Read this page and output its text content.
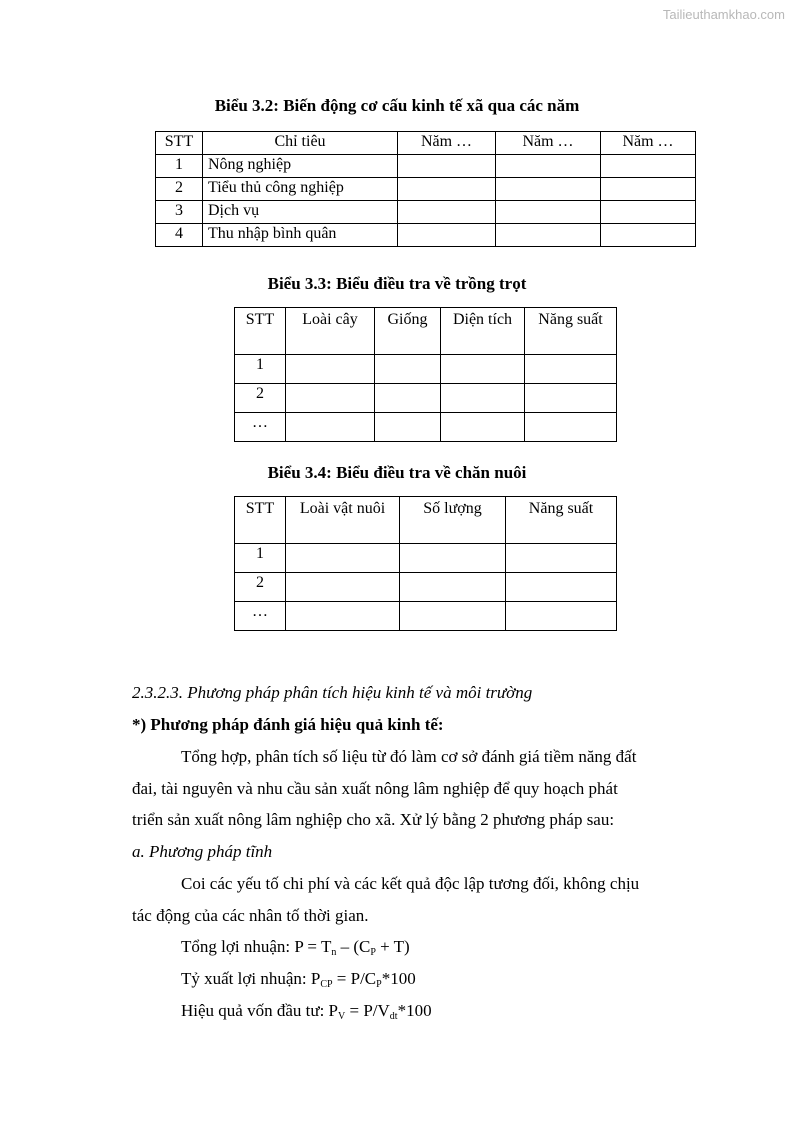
Tailieuthamkhao.com
Biểu 3.2: Biến động cơ cấu kinh tế xã qua các năm
STT	Chỉ tiêu	Năm …	Năm …	Năm …
1	Nông nghiệp			
2	Tiểu thủ công nghiệp			
3	Dịch vụ			
4	Thu nhập bình quân			
Biểu 3.3: Biểu điều tra về trồng trọt
STT	Loài cây	Giống	Diện tích	Năng suất
1				
2				
…				
Biểu 3.4: Biểu điều tra về chăn nuôi
STT	Loài vật nuôi	Số lượng	Năng suất
1			
2			
…			
2.3.2.3. Phương pháp phân tích hiệu kinh tế và môi trường
*) Phương pháp đánh giá hiệu quả kinh tế:
Tổng hợp, phân tích số liệu từ đó làm cơ sở đánh giá tiềm năng đất
đai, tài nguyên và nhu cầu sản xuất nông lâm nghiệp để quy hoạch phát
triển sản xuất nông lâm nghiệp cho xã. Xử lý bằng 2 phương pháp sau:
a. Phương pháp tĩnh
Coi các yếu tố chi phí và các kết quả độc lập tương đối, không chịu
tác động của các nhân tố thời gian.
Tổng lợi nhuận: $P = T_n - (C_P + T)$
Tỷ xuất lợi nhuận: $P_{CP} = P/C_P*100$
Hiệu quả vốn đầu tư: $P_V = P/V_{dt}*100$
